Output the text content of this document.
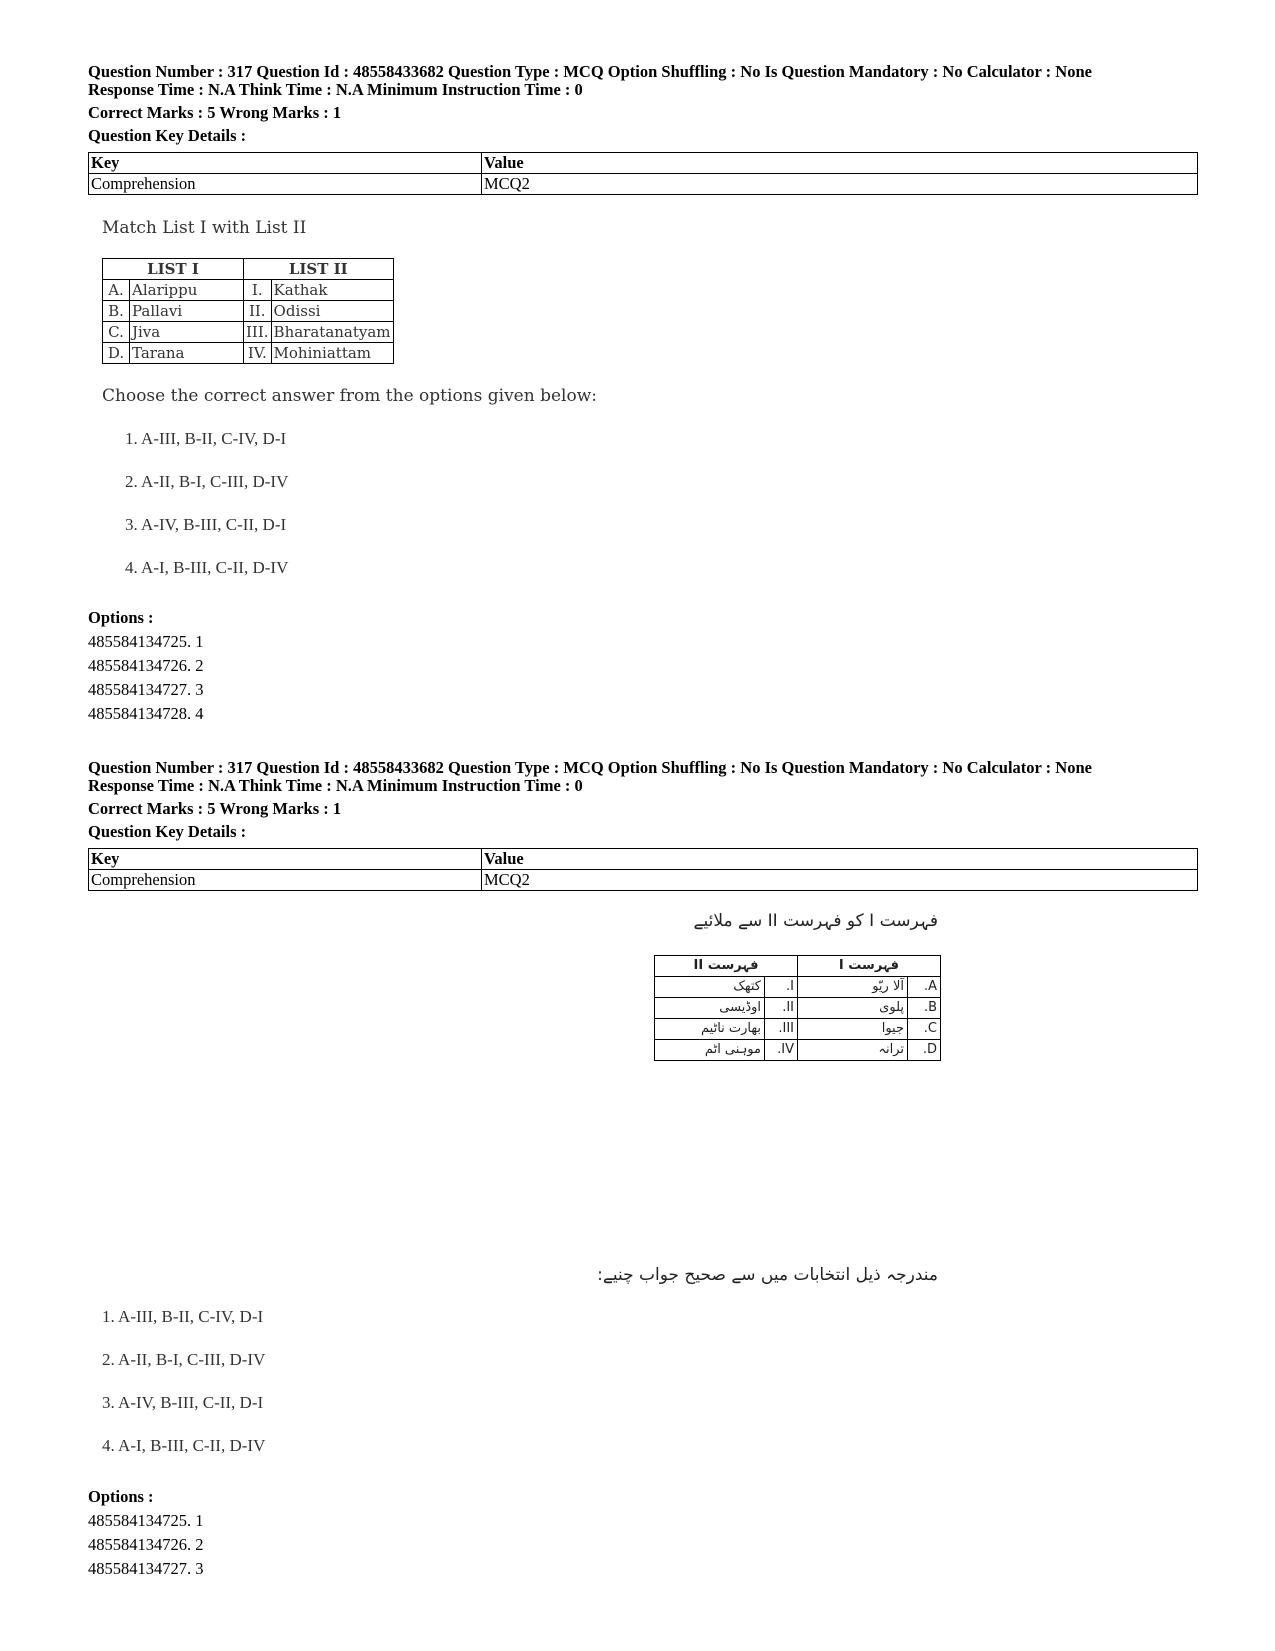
Question Number : 317 Question Id : 48558433682 Question Type : MCQ Option Shuffling : No Is Question Mandatory : No Calculator : None

Response Time : N.A Think Time : N.A Minimum Instruction Time : 0

Correct Marks : 5 Wrong Marks : 1

Question Key Details :

Key	Value
Comprehension	MCQ2
Match List I with List II
LIST I		LIST II	
A.	Alarippu	I.	Kathak
B.	Pallavi	II.	Odissi
C.	Jiva	III.	Bharatanatyam
D.	Tarana	IV.	Mohiniattam
Choose the correct answer from the options given below:
1. A-III, B-II, C-IV, D-I
2. A-II, B-I, C-III, D-IV
3. A-IV, B-III, C-II, D-I
4. A-I, B-III, C-II, D-IV
Options :
485584134725. 1
485584134726. 2
485584134727. 3
485584134728. 4

Question Number : 317 Question Id : 48558433682 Question Type : MCQ Option Shuffling : No Is Question Mandatory : No Calculator : None

Response Time : N.A Think Time : N.A Minimum Instruction Time : 0

Correct Marks : 5 Wrong Marks : 1

Question Key Details :

Key	Value
Comprehension	MCQ2
فہرست I کو فہرست II سے ملائیے
فہرست I		فہرست II	
A.	آلا ریّو	I.	کتھک
B.	پلوی	II.	اوڈیسی
C.	جیوا	III.	بھارت ناٹیم
D.	ترانہ	IV.	موہنی اٹم
مندرجہ ذیل انتخابات میں سے صحیح جواب چنیے:
1. A-III, B-II, C-IV, D-I
2. A-II, B-I, C-III, D-IV
3. A-IV, B-III, C-II, D-I
4. A-I, B-III, C-II, D-IV
Options :
485584134725. 1
485584134726. 2
485584134727. 3
